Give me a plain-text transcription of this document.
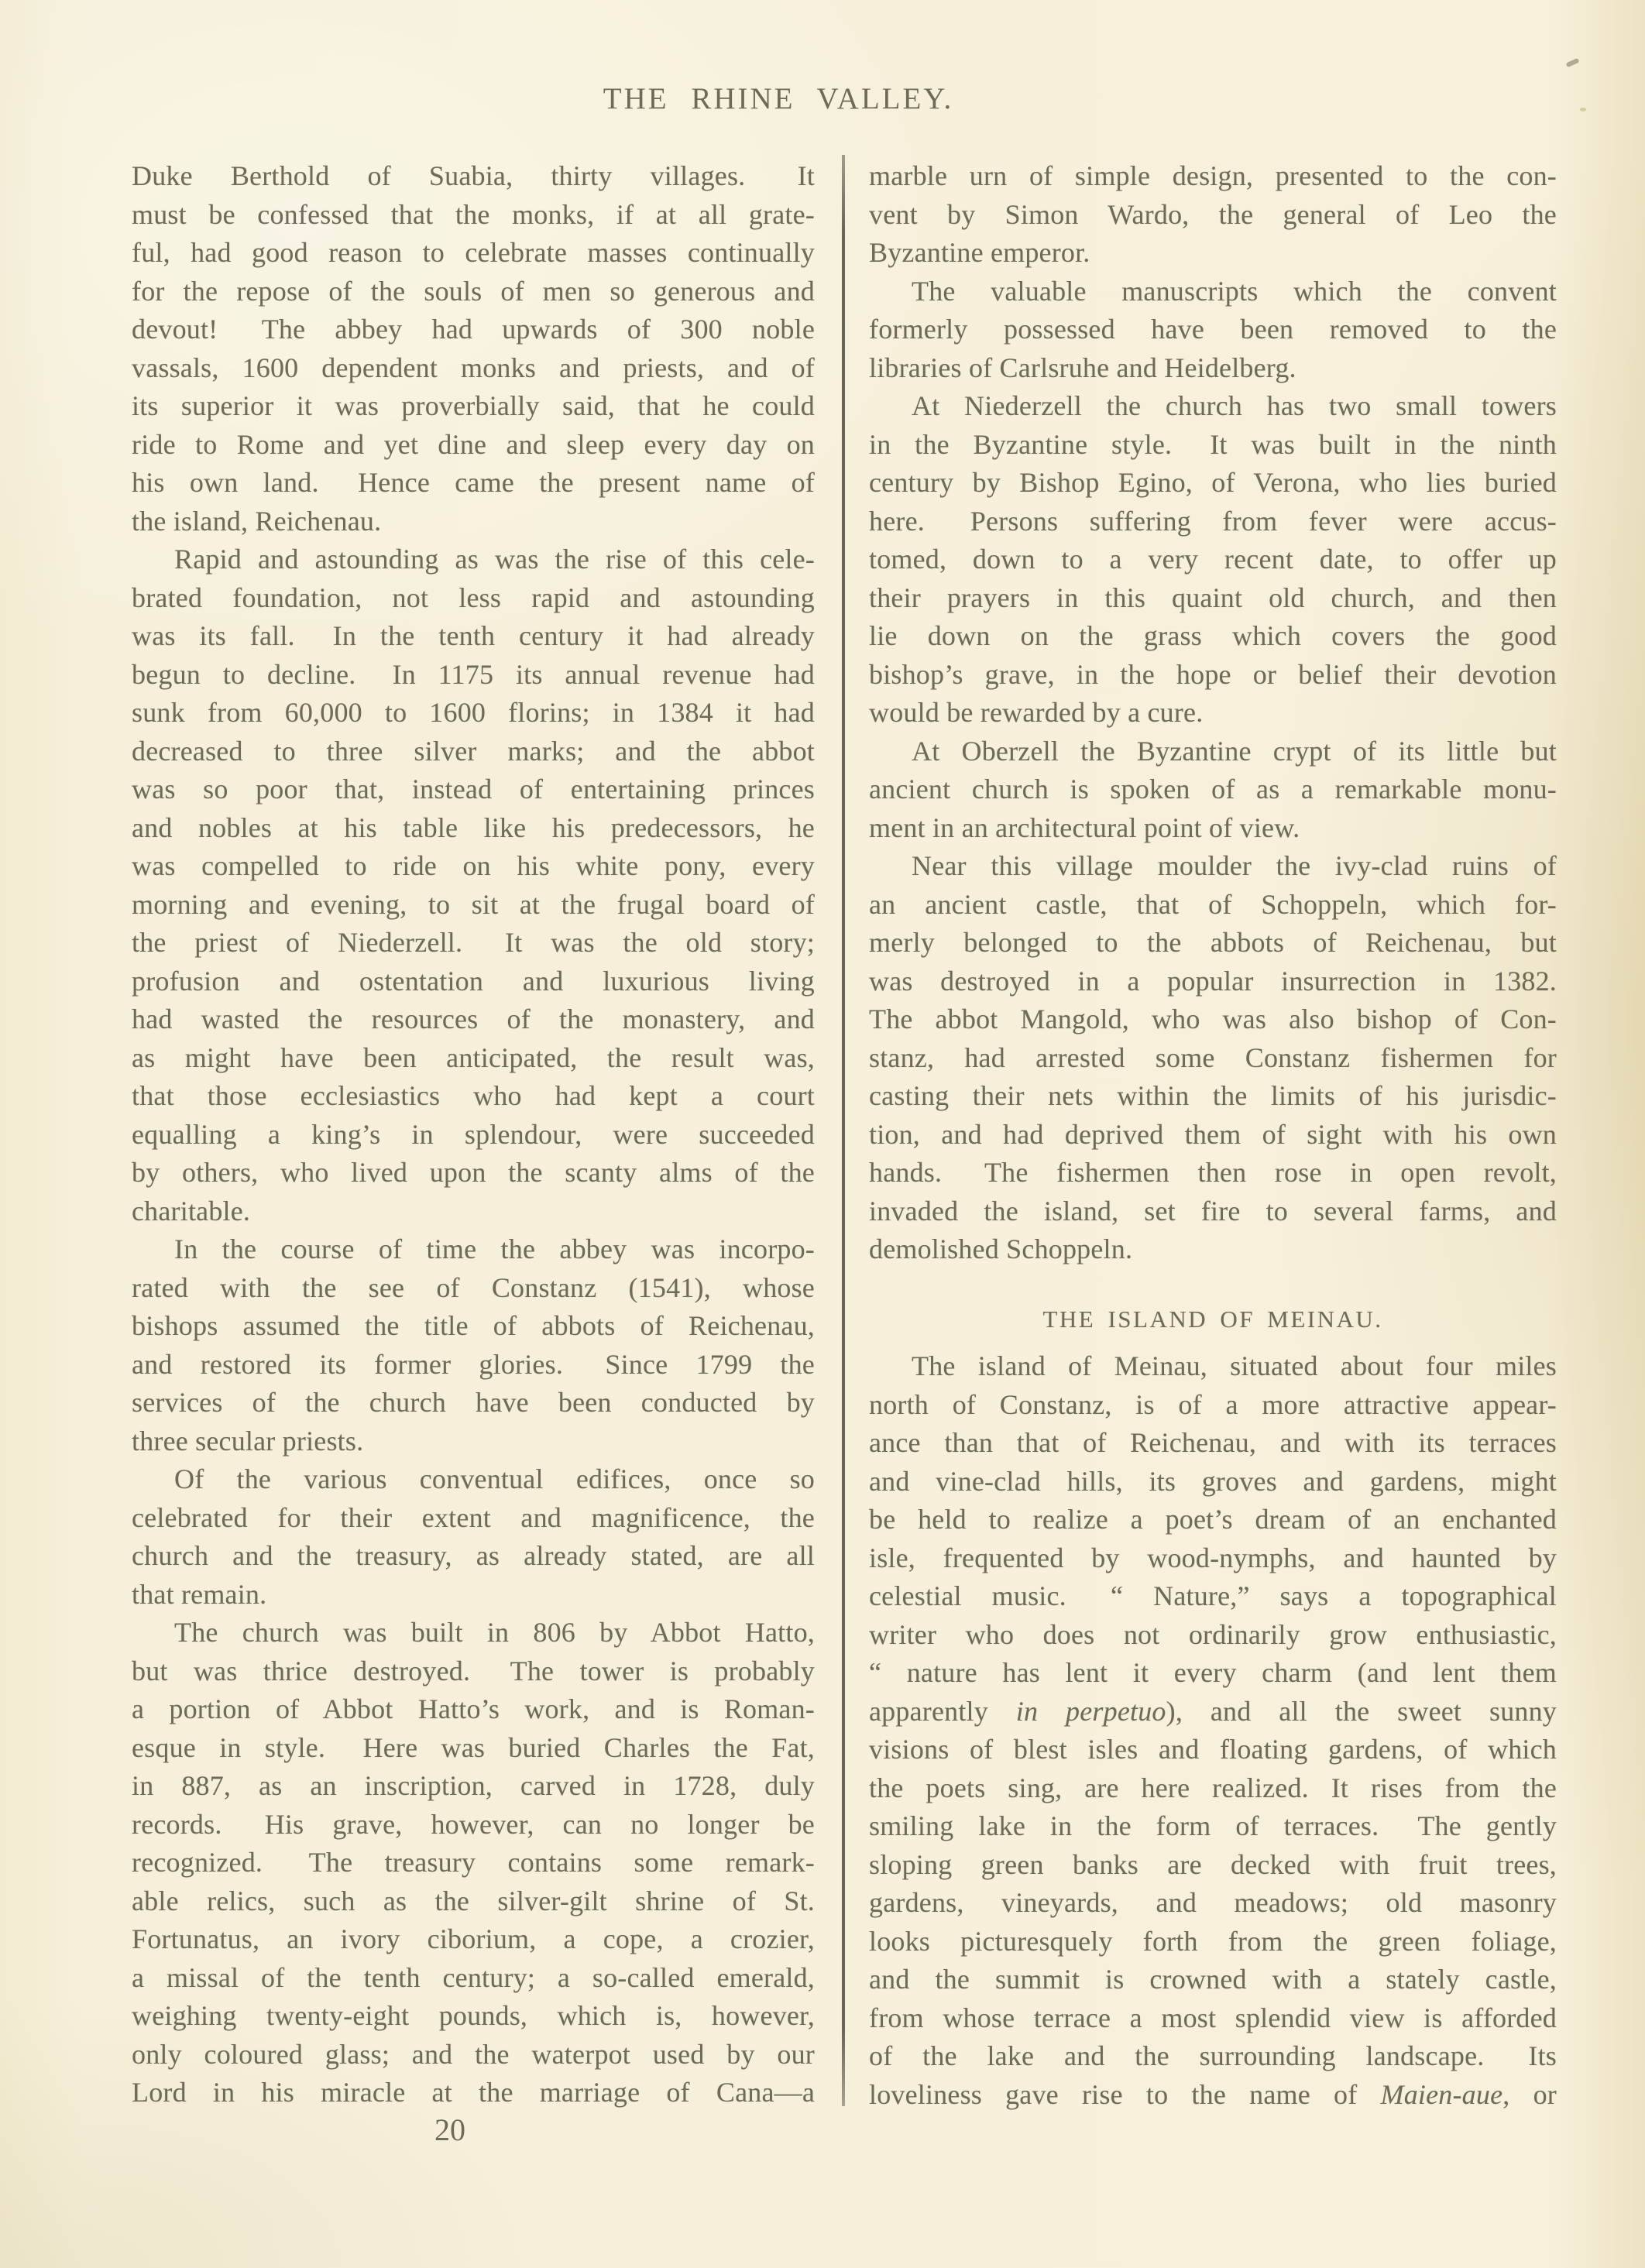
THE RHINE VALLEY.
Duke Berthold of Suabia, thirty villages.  It
must be confessed that the monks, if at all grate-
ful, had good reason to celebrate masses continually
for the repose of the souls of men so generous and
devout!  The abbey had upwards of 300 noble
vassals, 1600 dependent monks and priests, and of
its superior it was proverbially said, that he could
ride to Rome and yet dine and sleep every day on
his own land.  Hence came the present name of
the island, Reichenau.
Rapid and astounding as was the rise of this cele-
brated foundation, not less rapid and astounding
was its fall.  In the tenth century it had already
begun to decline.  In 1175 its annual revenue had
sunk from 60,000 to 1600 florins; in 1384 it had
decreased to three silver marks; and the abbot
was so poor that, instead of entertaining princes
and nobles at his table like his predecessors, he
was compelled to ride on his white pony, every
morning and evening, to sit at the frugal board of
the priest of Niederzell.  It was the old story;
profusion and ostentation and luxurious living
had wasted the resources of the monastery, and
as might have been anticipated, the result was,
that those ecclesiastics who had kept a court
equalling a king’s in splendour, were succeeded
by others, who lived upon the scanty alms of the
charitable.
In the course of time the abbey was incorpo-
rated with the see of Constanz (1541), whose
bishops assumed the title of abbots of Reichenau,
and restored its former glories.  Since 1799 the
services of the church have been conducted by
three secular priests.
Of the various conventual edifices, once so
celebrated for their extent and magnificence, the
church and the treasury, as already stated, are all
that remain.
The church was built in 806 by Abbot Hatto,
but was thrice destroyed.  The tower is probably
a portion of Abbot Hatto’s work, and is Roman-
esque in style.  Here was buried Charles the Fat,
in 887, as an inscription, carved in 1728, duly
records.  His grave, however, can no longer be
recognized.  The treasury contains some remark-
able relics, such as the silver-gilt shrine of St.
Fortunatus, an ivory ciborium, a cope, a crozier,
a missal of the tenth century; a so-called emerald,
weighing twenty-eight pounds, which is, however,
only coloured glass; and the waterpot used by our
Lord in his miracle at the marriage of Cana—a
marble urn of simple design, presented to the con-
vent by Simon Wardo, the general of Leo the
Byzantine emperor.
The valuable manuscripts which the convent
formerly possessed have been removed to the
libraries of Carlsruhe and Heidelberg.
At Niederzell the church has two small towers
in the Byzantine style.  It was built in the ninth
century by Bishop Egino, of Verona, who lies buried
here.  Persons suffering from fever were accus-
tomed, down to a very recent date, to offer up
their prayers in this quaint old church, and then
lie down on the grass which covers the good
bishop’s grave, in the hope or belief their devotion
would be rewarded by a cure.
At Oberzell the Byzantine crypt of its little but
ancient church is spoken of as a remarkable monu-
ment in an architectural point of view.
Near this village moulder the ivy-clad ruins of
an ancient castle, that of Schoppeln, which for-
merly belonged to the abbots of Reichenau, but
was destroyed in a popular insurrection in 1382.
The abbot Mangold, who was also bishop of Con-
stanz, had arrested some Constanz fishermen for
casting their nets within the limits of his jurisdic-
tion, and had deprived them of sight with his own
hands.  The fishermen then rose in open revolt,
invaded the island, set fire to several farms, and
demolished Schoppeln.
THE ISLAND OF MEINAU.
The island of Meinau, situated about four miles
north of Constanz, is of a more attractive appear-
ance than that of Reichenau, and with its terraces
and vine-clad hills, its groves and gardens, might
be held to realize a poet’s dream of an enchanted
isle, frequented by wood-nymphs, and haunted by
celestial music.  “ Nature,” says a topographical
writer who does not ordinarily grow enthusiastic,
“ nature has lent it every charm (and lent them
apparently in perpetuo), and all the sweet sunny
visions of blest isles and floating gardens, of which
the poets sing, are here realized. It rises from the
smiling lake in the form of terraces.  The gently
sloping green banks are decked with fruit trees,
gardens, vineyards, and meadows; old masonry
looks picturesquely forth from the green foliage,
and the summit is crowned with a stately castle,
from whose terrace a most splendid view is afforded
of the lake and the surrounding landscape.  Its
loveliness gave rise to the name of Maien-aue, or
20
